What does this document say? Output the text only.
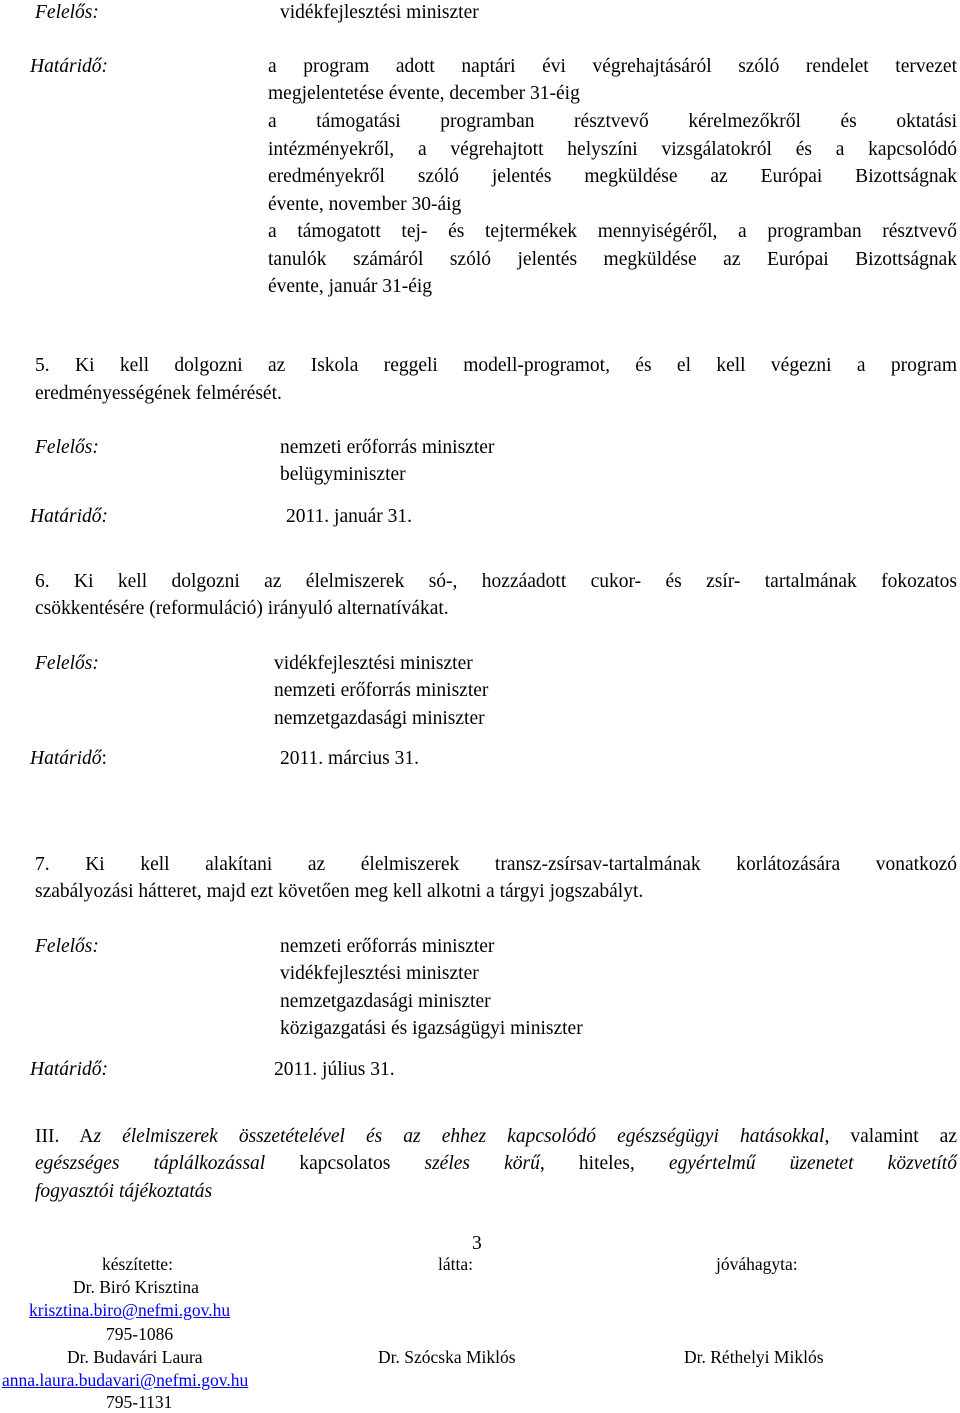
Felelős:	vidékfejlesztési miniszter
Határidő:	a program adott naptári évi végrehajtásáról szóló rendelet tervezet
megjelentetése évente, december 31-éig
a támogatási programban résztvevő kérelmezőkről és oktatási
intézményekről, a végrehajtott helyszíni vizsgálatokról és a kapcsolódó
eredményekről szóló jelentés megküldése az Európai Bizottságnak
évente, november 30-áig
a támogatott tej- és tejtermékek mennyiségéről, a programban résztvevő
tanulók számáról szóló jelentés megküldése az Európai Bizottságnak
évente, január 31-éig
5. Ki kell dolgozni az Iskola reggeli modell-programot, és el kell végezni a program
eredményességének felmérését.
Felelős:	nemzeti erőforrás miniszter
belügyminiszter
Határidő:	2011. január 31.
6. Ki kell dolgozni az élelmiszerek só-, hozzáadott cukor- és zsír- tartalmának fokozatos
csökkentésére (reformuláció) irányuló alternatívákat.
Felelős:	vidékfejlesztési miniszter
nemzeti erőforrás miniszter
nemzetgazdasági miniszter
Határidő:	2011. március 31.
7. Ki kell alakítani az élelmiszerek transz-zsírsav-tartalmának korlátozására vonatkozó
szabályozási hátteret, majd ezt követően meg kell alkotni a tárgyi jogszabályt.
Felelős:	nemzeti erőforrás miniszter
vidékfejlesztési miniszter
nemzetgazdasági miniszter
közigazgatási és igazságügyi miniszter
Határidő:	2011. július 31.
III. Az élelmiszerek összetételével és az ehhez kapcsolódó egészségügyi hatásokkal, valamint az
egészséges táplálkozással kapcsolatos széles körű, hiteles, egyértelmű üzenetet közvetítő
fogyasztói tájékoztatás
3
készítette:	látta:	jóváhagyta:
Dr. Biró Krisztina
krisztina.biro@nefmi.gov.hu
795-1086
Dr. Budavári Laura	Dr. Szócska Miklós	Dr. Réthelyi Miklós
anna.laura.budavari@nefmi.gov.hu
795-1131
